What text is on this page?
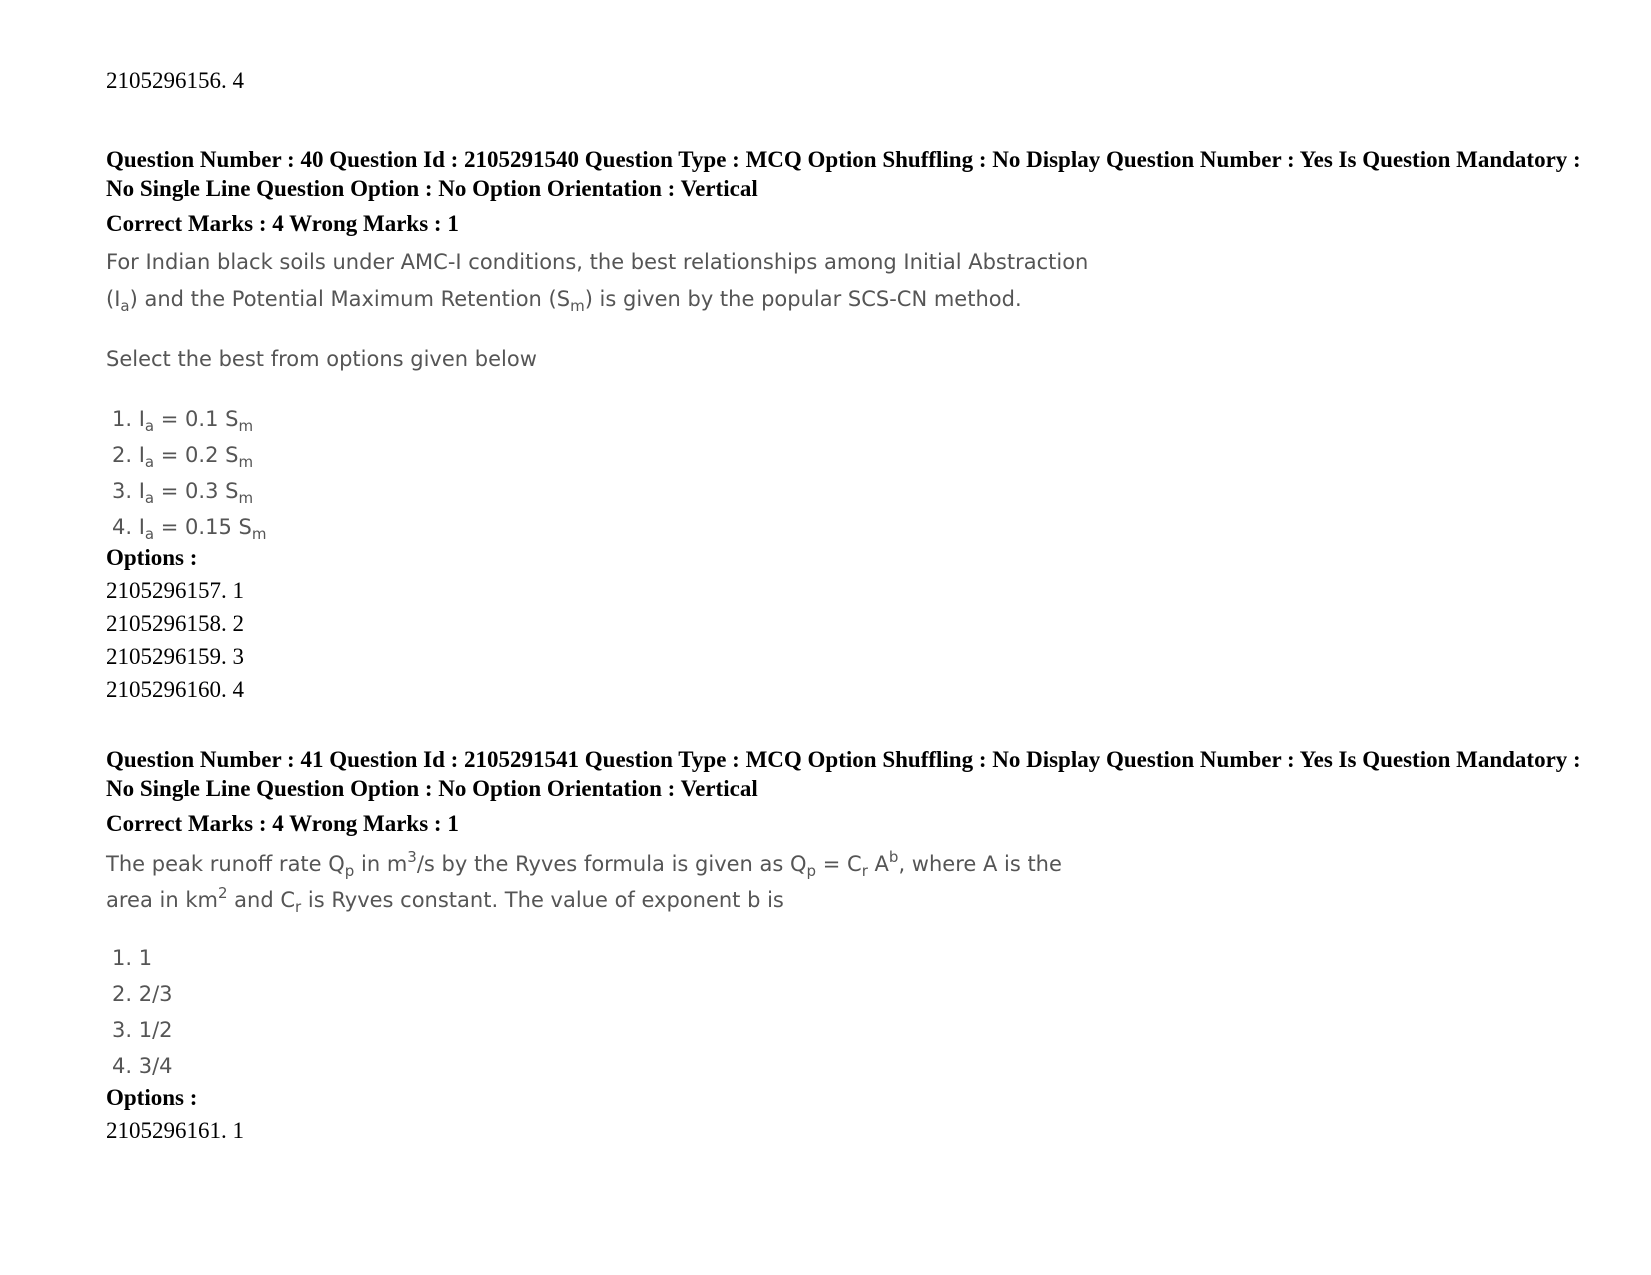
2105296156. 4
Question Number : 40 Question Id : 2105291540 Question Type : MCQ Option Shuffling : No Display Question Number : Yes Is Question Mandatory : No Single Line Question Option : No Option Orientation : Vertical
Correct Marks : 4 Wrong Marks : 1
For Indian black soils under AMC-I conditions, the best relationships among Initial Abstraction
$(I_a)$ and the Potential Maximum Retention $(S_m)$ is given by the popular SCS-CN method.
Select the best from options given below
1. $I_a = 0.1$ $S_m$
2. $I_a = 0.2$ $S_m$
3. $I_a = 0.3$ $S_m$
4. $I_a = 0.15$ $S_m$
Options :
2105296157. 1
2105296158. 2
2105296159. 3
2105296160. 4
Question Number : 41 Question Id : 2105291541 Question Type : MCQ Option Shuffling : No Display Question Number : Yes Is Question Mandatory : No Single Line Question Option : No Option Orientation : Vertical
Correct Marks : 4 Wrong Marks : 1
The peak runoff rate $Q_p$ in $m^3/s$ by the Ryves formula is given as $Q_p = C_r$ $A^b$, where A is the
area in $km^2$ and $C_r$ is Ryves constant. The value of exponent b is
1. 1
2. 2/3
3. 1/2
4. 3/4
Options :
2105296161. 1
